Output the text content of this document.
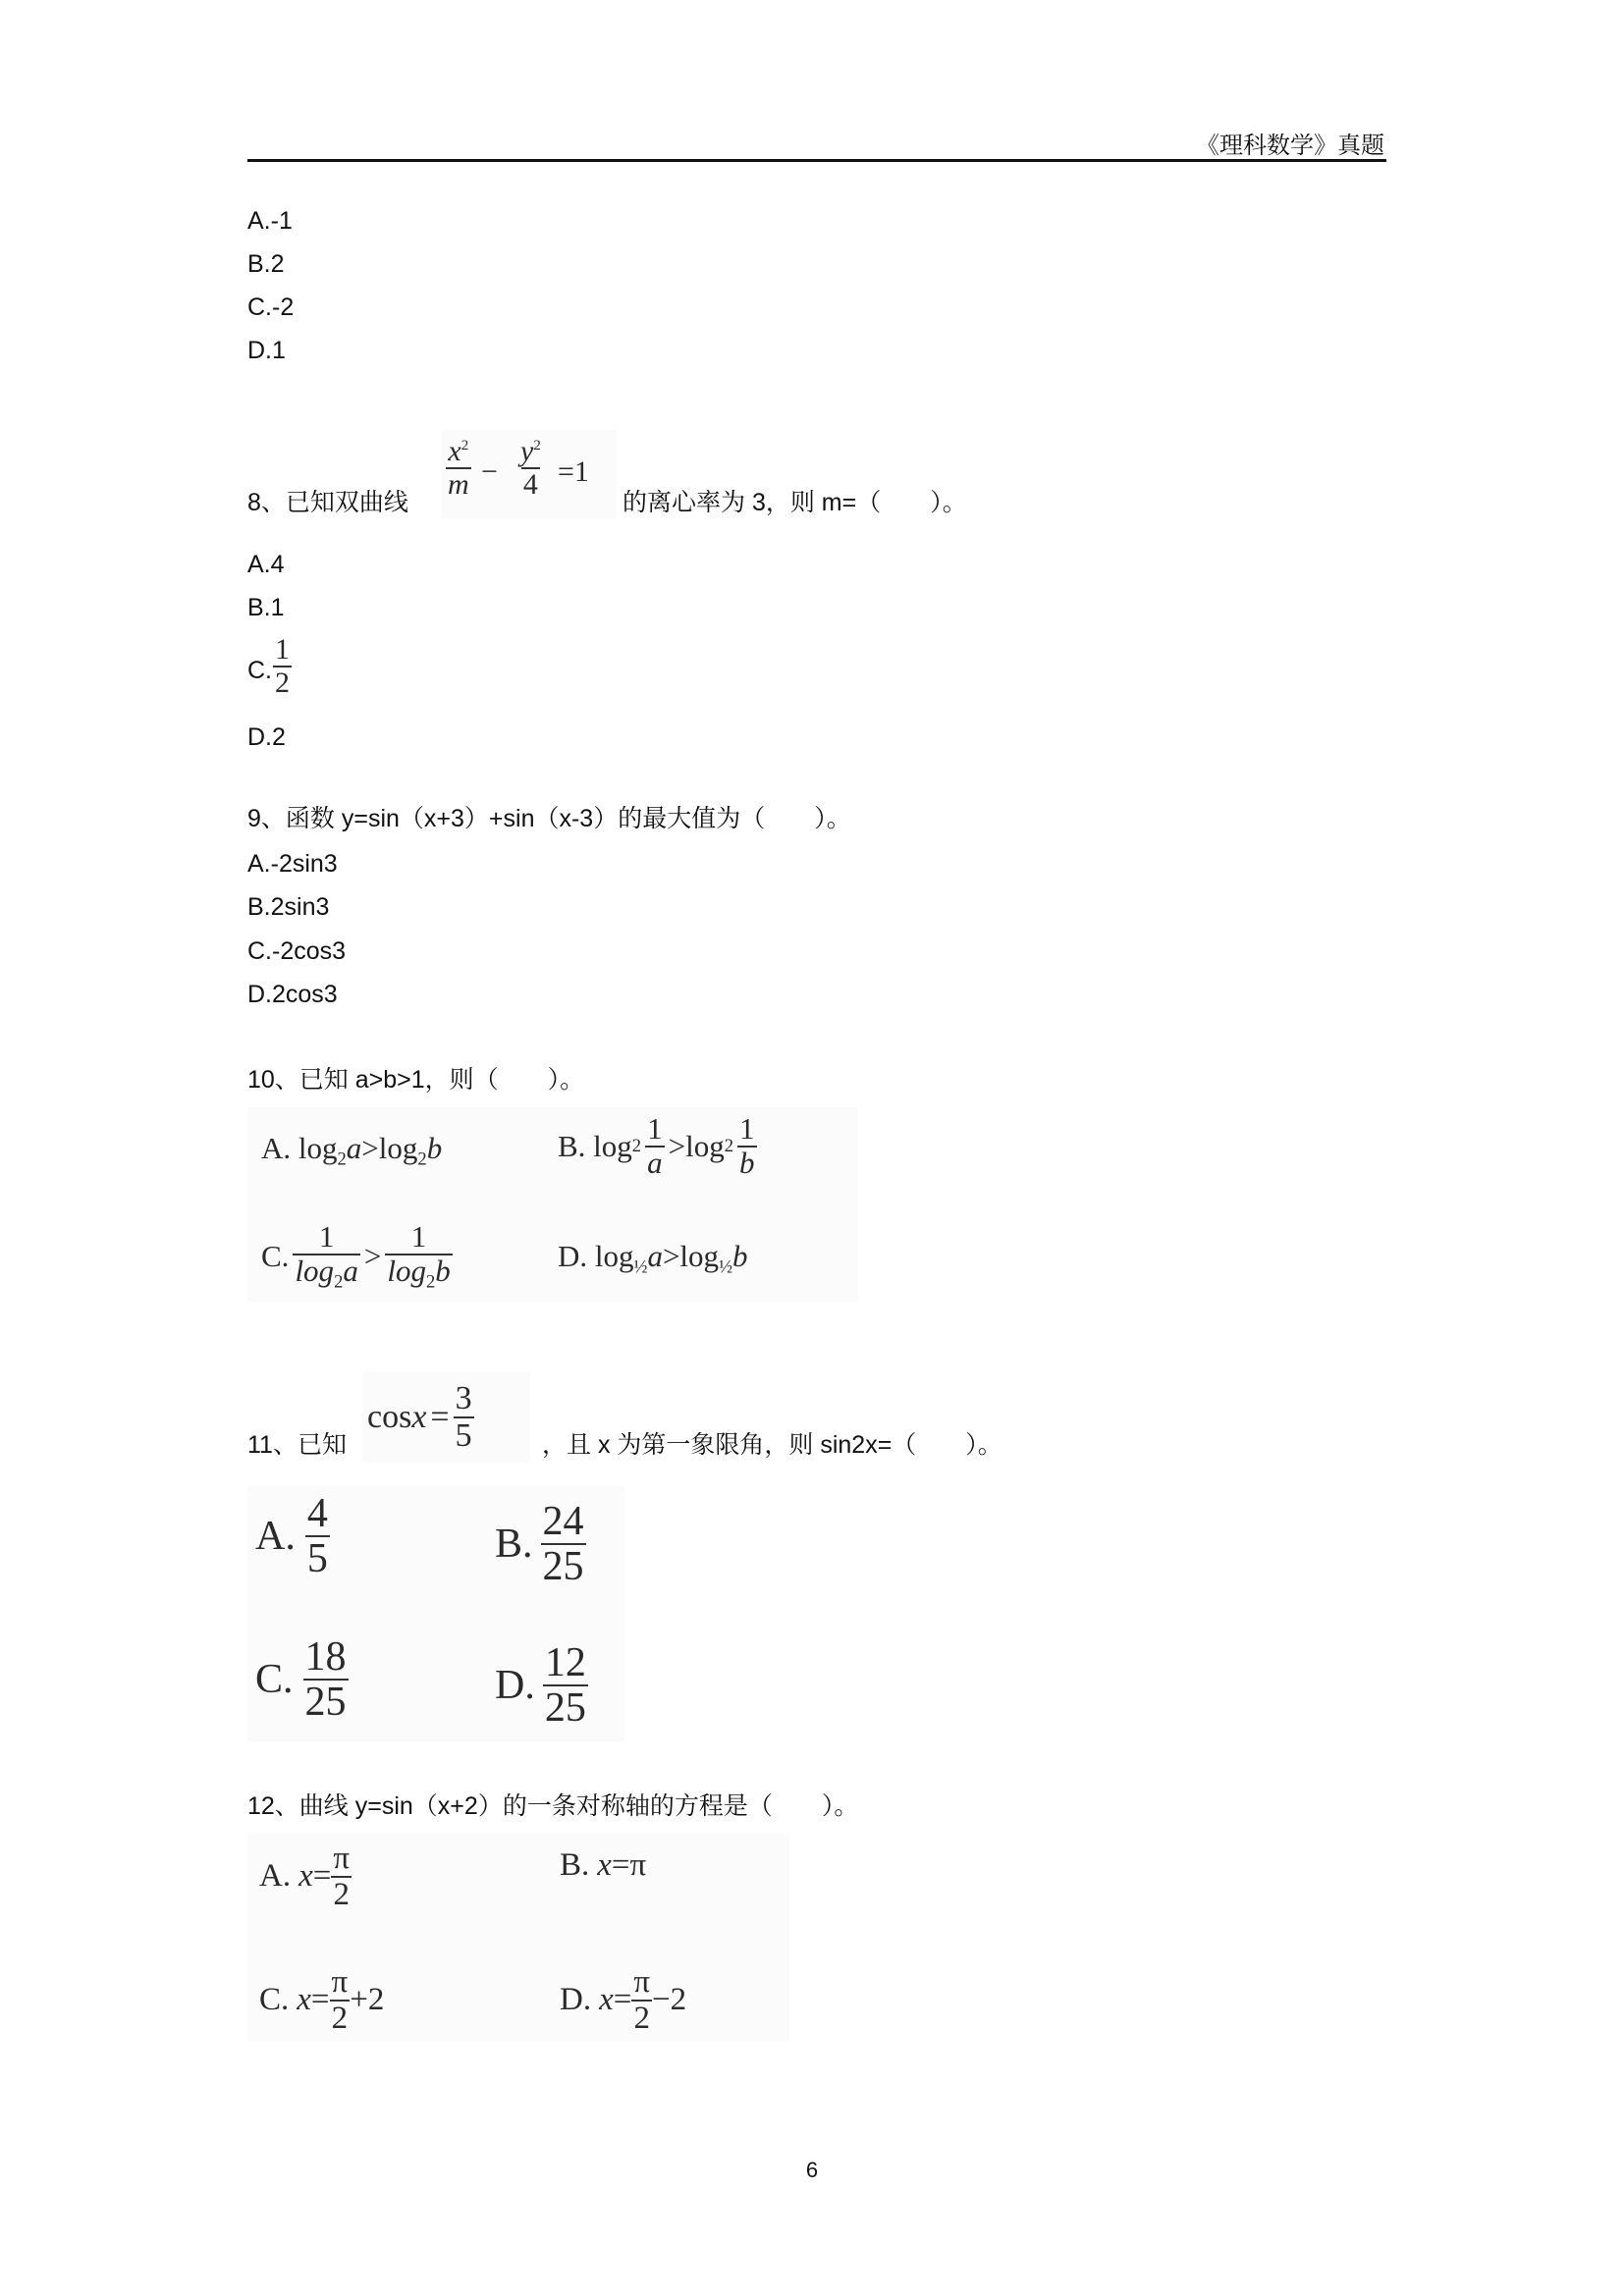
《理科数学》真题
A.-1
B.2
C.-2
D.1
8、已知双曲线
$\frac{x^2}{m} - \frac{y^2}{4} =1$
的离心率为 3，则 m=（　　）。
A.4
B.1
C. $\frac{1}{2}$
D.2
9、函数 y=sin（x+3）+sin（x-3）的最大值为（　　）。
A.-2sin3
B.2sin3
C.-2cos3
D.2cos3
10、已知 a>b>1，则（　　）。
A. $\log_2a>\log_2b$	B. $\log 2 \frac{1}{a} >\log$ $2 \frac{1}{b}$
C. $\frac{1}{\log_2a} > \frac{1}{\log_2b}$	D. $\log_{\frac{1}{2}}a>\log_{\frac{1}{2}}b$
11、已知
$\cos x = \frac{3}{5}$	，且 x 为第一象限角，则 sin2x=（　　）。
A. $\frac{4}{5}$	B. $\frac{24}{25}$
C. $\frac{18}{25}$	D. $\frac{12}{25}$
12、曲线 y=sin（x+2）的一条对称轴的方程是（　　）。
A. $x = \frac{\pi}{2}$	B. x=π
C. $x = \frac{\pi}{2} +2$	D. $x = \frac{\pi}{2} -2$
6
